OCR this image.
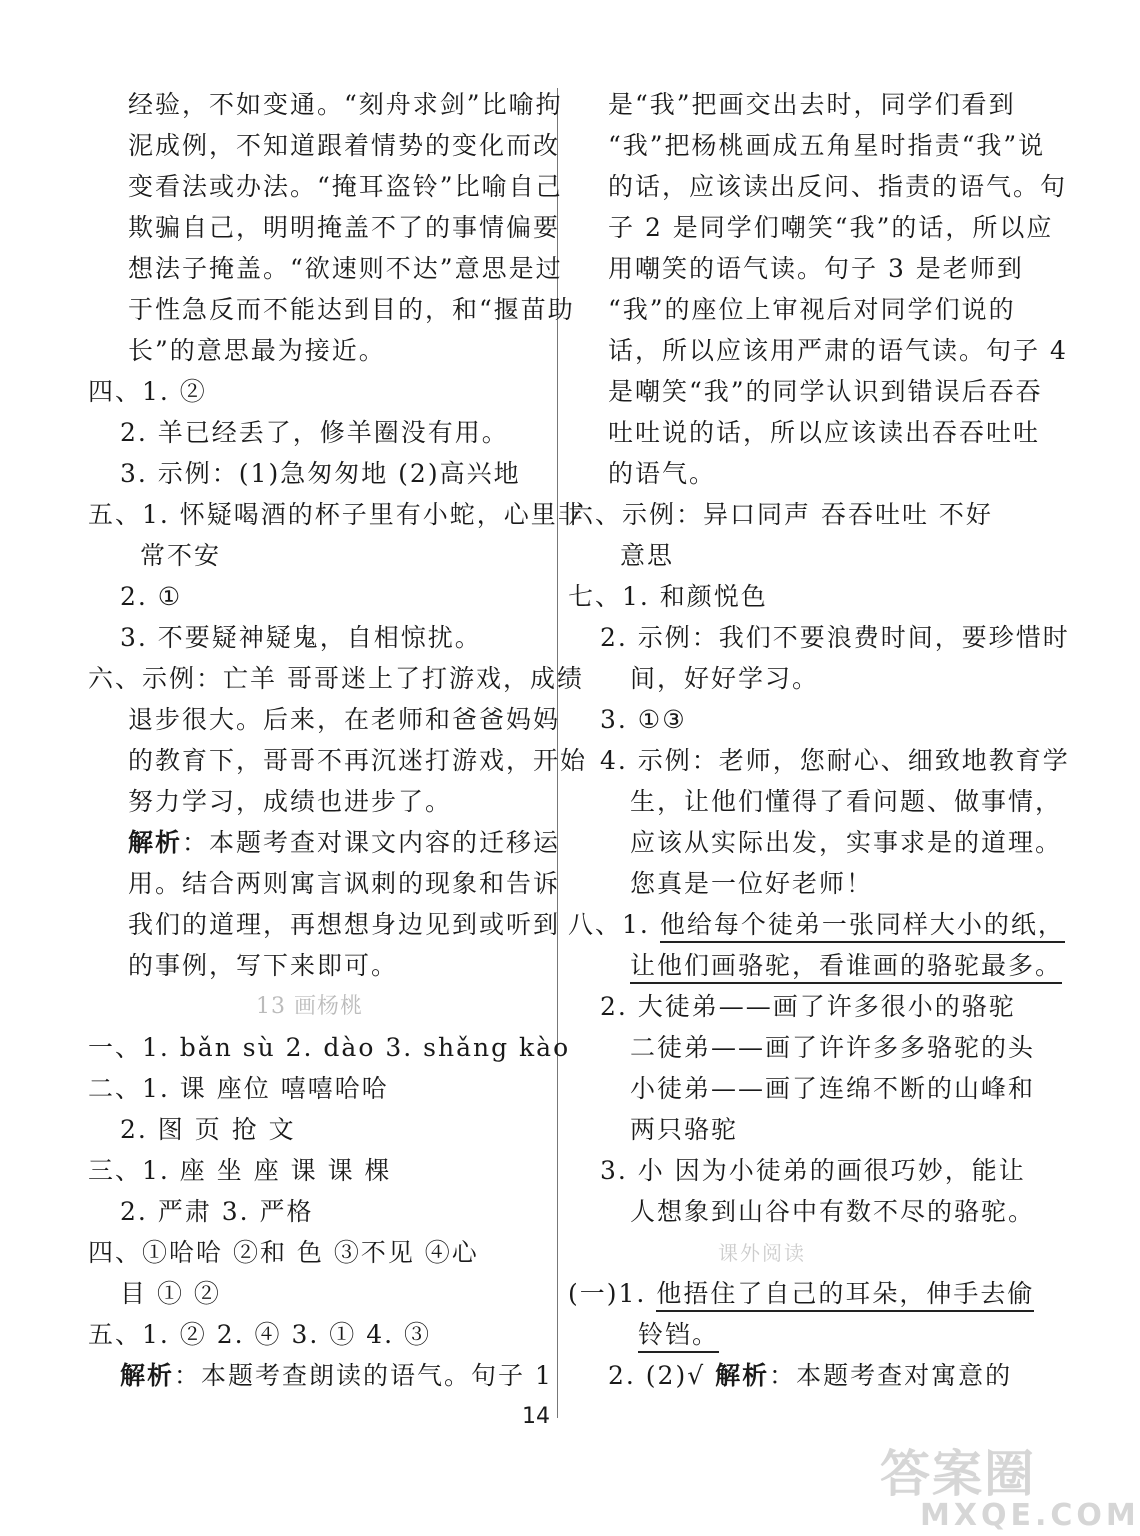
经验，不如变通。“刻舟求剑”比喻拘
泥成例，不知道跟着情势的变化而改
变看法或办法。“掩耳盗铃”比喻自己
欺骗自己，明明掩盖不了的事情偏要
想法子掩盖。“欲速则不达”意思是过
于性急反而不能达到目的，和“揠苗助
长”的意思最为接近。
四、1. ②
2. 羊已经丢了，修羊圈没有用。
3. 示例：(1)急匆匆地 (2)高兴地
五、1. 怀疑喝酒的杯子里有小蛇，心里非
常不安
2. ①
3. 不要疑神疑鬼，自相惊扰。
六、示例：亡羊 哥哥迷上了打游戏，成绩
退步很大。后来，在老师和爸爸妈妈
的教育下，哥哥不再沉迷打游戏，开始
努力学习，成绩也进步了。
解析：本题考查对课文内容的迁移运
用。结合两则寓言讽刺的现象和告诉
我们的道理，再想想身边见到或听到
的事例，写下来即可。
13 画杨桃
一、1. bǎn sù 2. dào 3. shǎng kào
二、1. 课 座位 嘻嘻哈哈
2. 图 页 抢 文
三、1. 座 坐 座 课 课 棵
2. 严肃 3. 严格
四、①哈哈 ②和 色 ③不见 ④心
目 ① ②
五、1. ② 2. ④ 3. ① 4. ③
解析：本题考查朗读的语气。句子 1
是“我”把画交出去时，同学们看到
“我”把杨桃画成五角星时指责“我”说
的话，应该读出反问、指责的语气。句
子 2 是同学们嘲笑“我”的话，所以应
用嘲笑的语气读。句子 3 是老师到
“我”的座位上审视后对同学们说的
话，所以应该用严肃的语气读。句子 4
是嘲笑“我”的同学认识到错误后吞吞
吐吐说的话，所以应该读出吞吞吐吐
的语气。
六、示例：异口同声 吞吞吐吐 不好
意思
七、1. 和颜悦色
2. 示例：我们不要浪费时间，要珍惜时
间，好好学习。
3. ①③
4. 示例：老师，您耐心、细致地教育学
生，让他们懂得了看问题、做事情，
应该从实际出发，实事求是的道理。
您真是一位好老师！
八、1. 他给每个徒弟一张同样大小的纸，
让他们画骆驼，看谁画的骆驼最多。
2. 大徒弟——画了许多很小的骆驼
二徒弟——画了许许多多骆驼的头
小徒弟——画了连绵不断的山峰和
两只骆驼
3. 小 因为小徒弟的画很巧妙，能让
人想象到山谷中有数不尽的骆驼。
课外阅读
(一)1. 他捂住了自己的耳朵，伸手去偷
铃铛。
2. (2)√ 解析：本题考查对寓意的
14
答案圈
MXQE.COM
